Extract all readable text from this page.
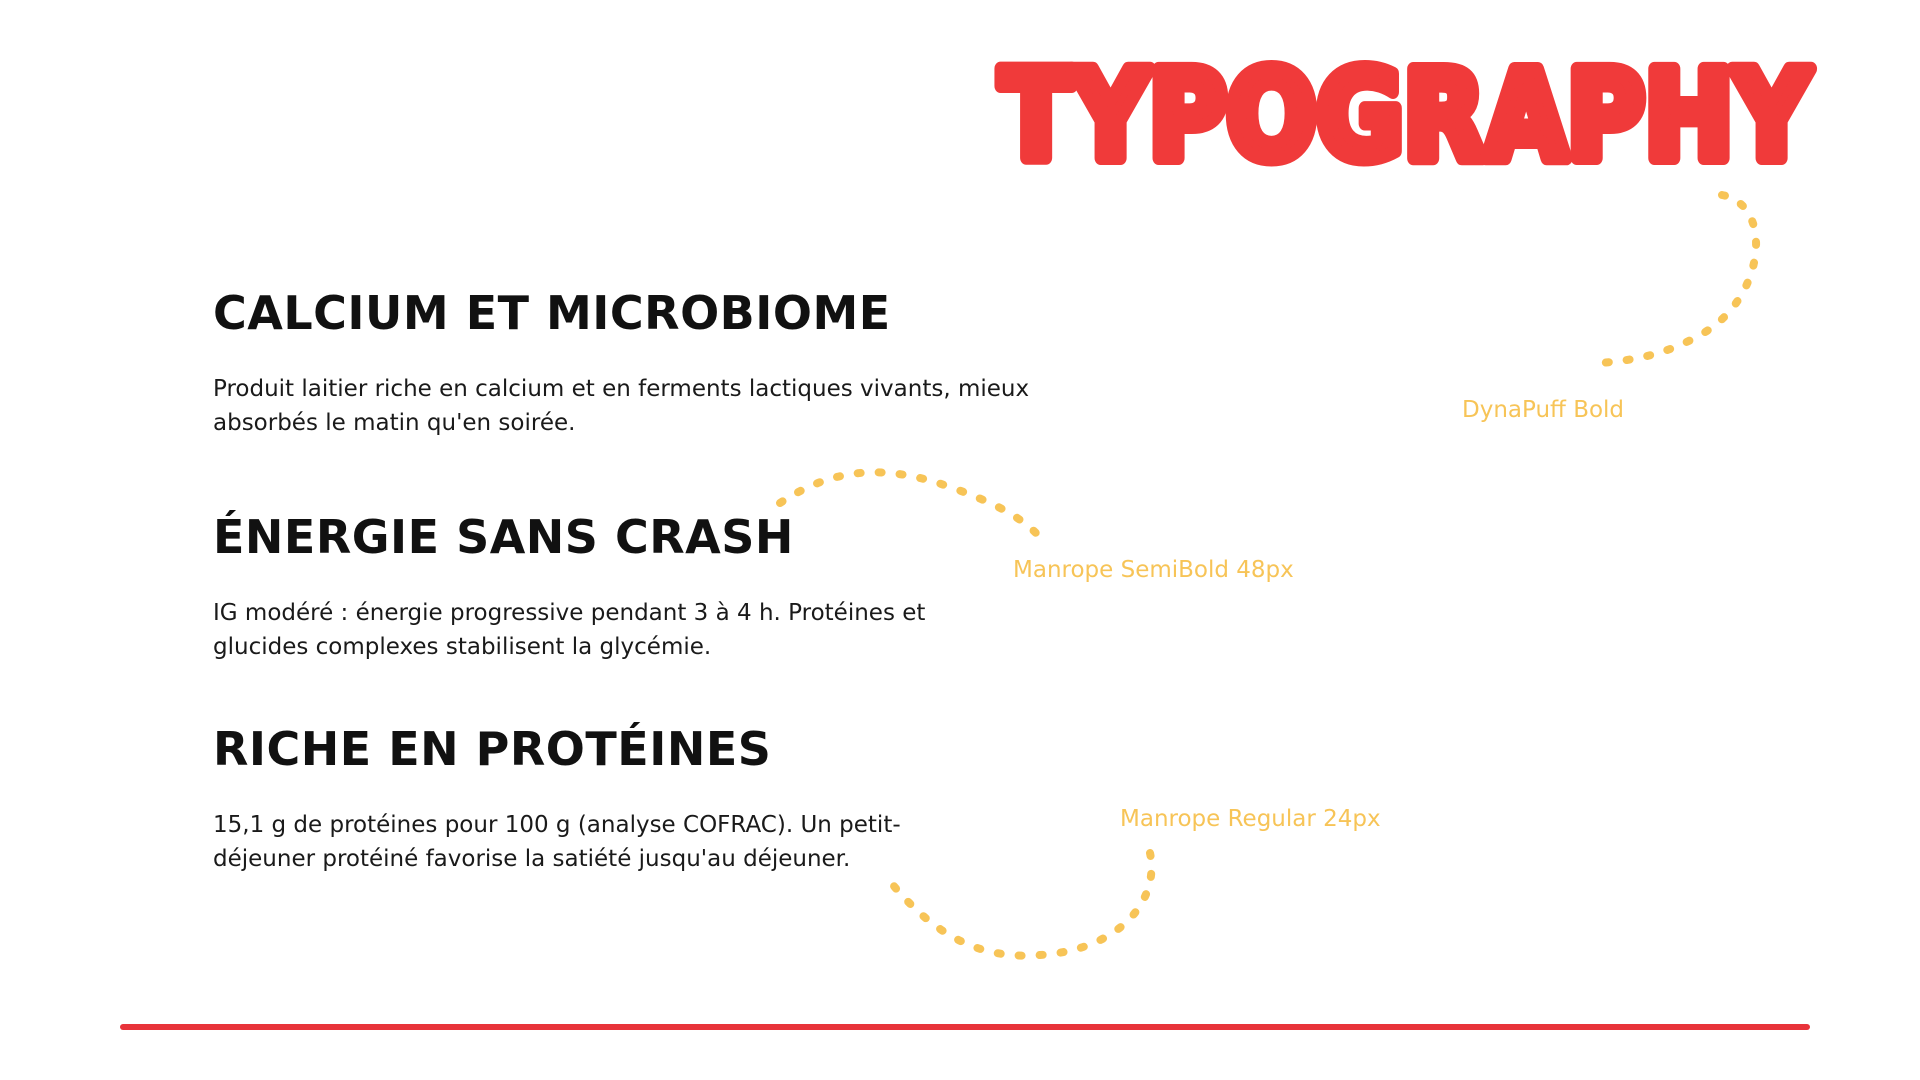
TYPOGRAPHY
CALCIUM ET MICROBIOME

Produit laitier riche en calcium et en ferments lactiques vivants, mieux absorbés le matin qu'en soirée.

ÉNERGIE SANS CRASH

IG modéré : énergie progressive pendant 3 à 4 h. Protéines et glucides complexes stabilisent la glycémie.

RICHE EN PROTÉINES

15,1 g de protéines pour 100 g (analyse COFRAC). Un petit-déjeuner protéiné favorise la satiété jusqu'au déjeuner.

DynaPuff Bold
Manrope SemiBold 48px
Manrope Regular 24px
